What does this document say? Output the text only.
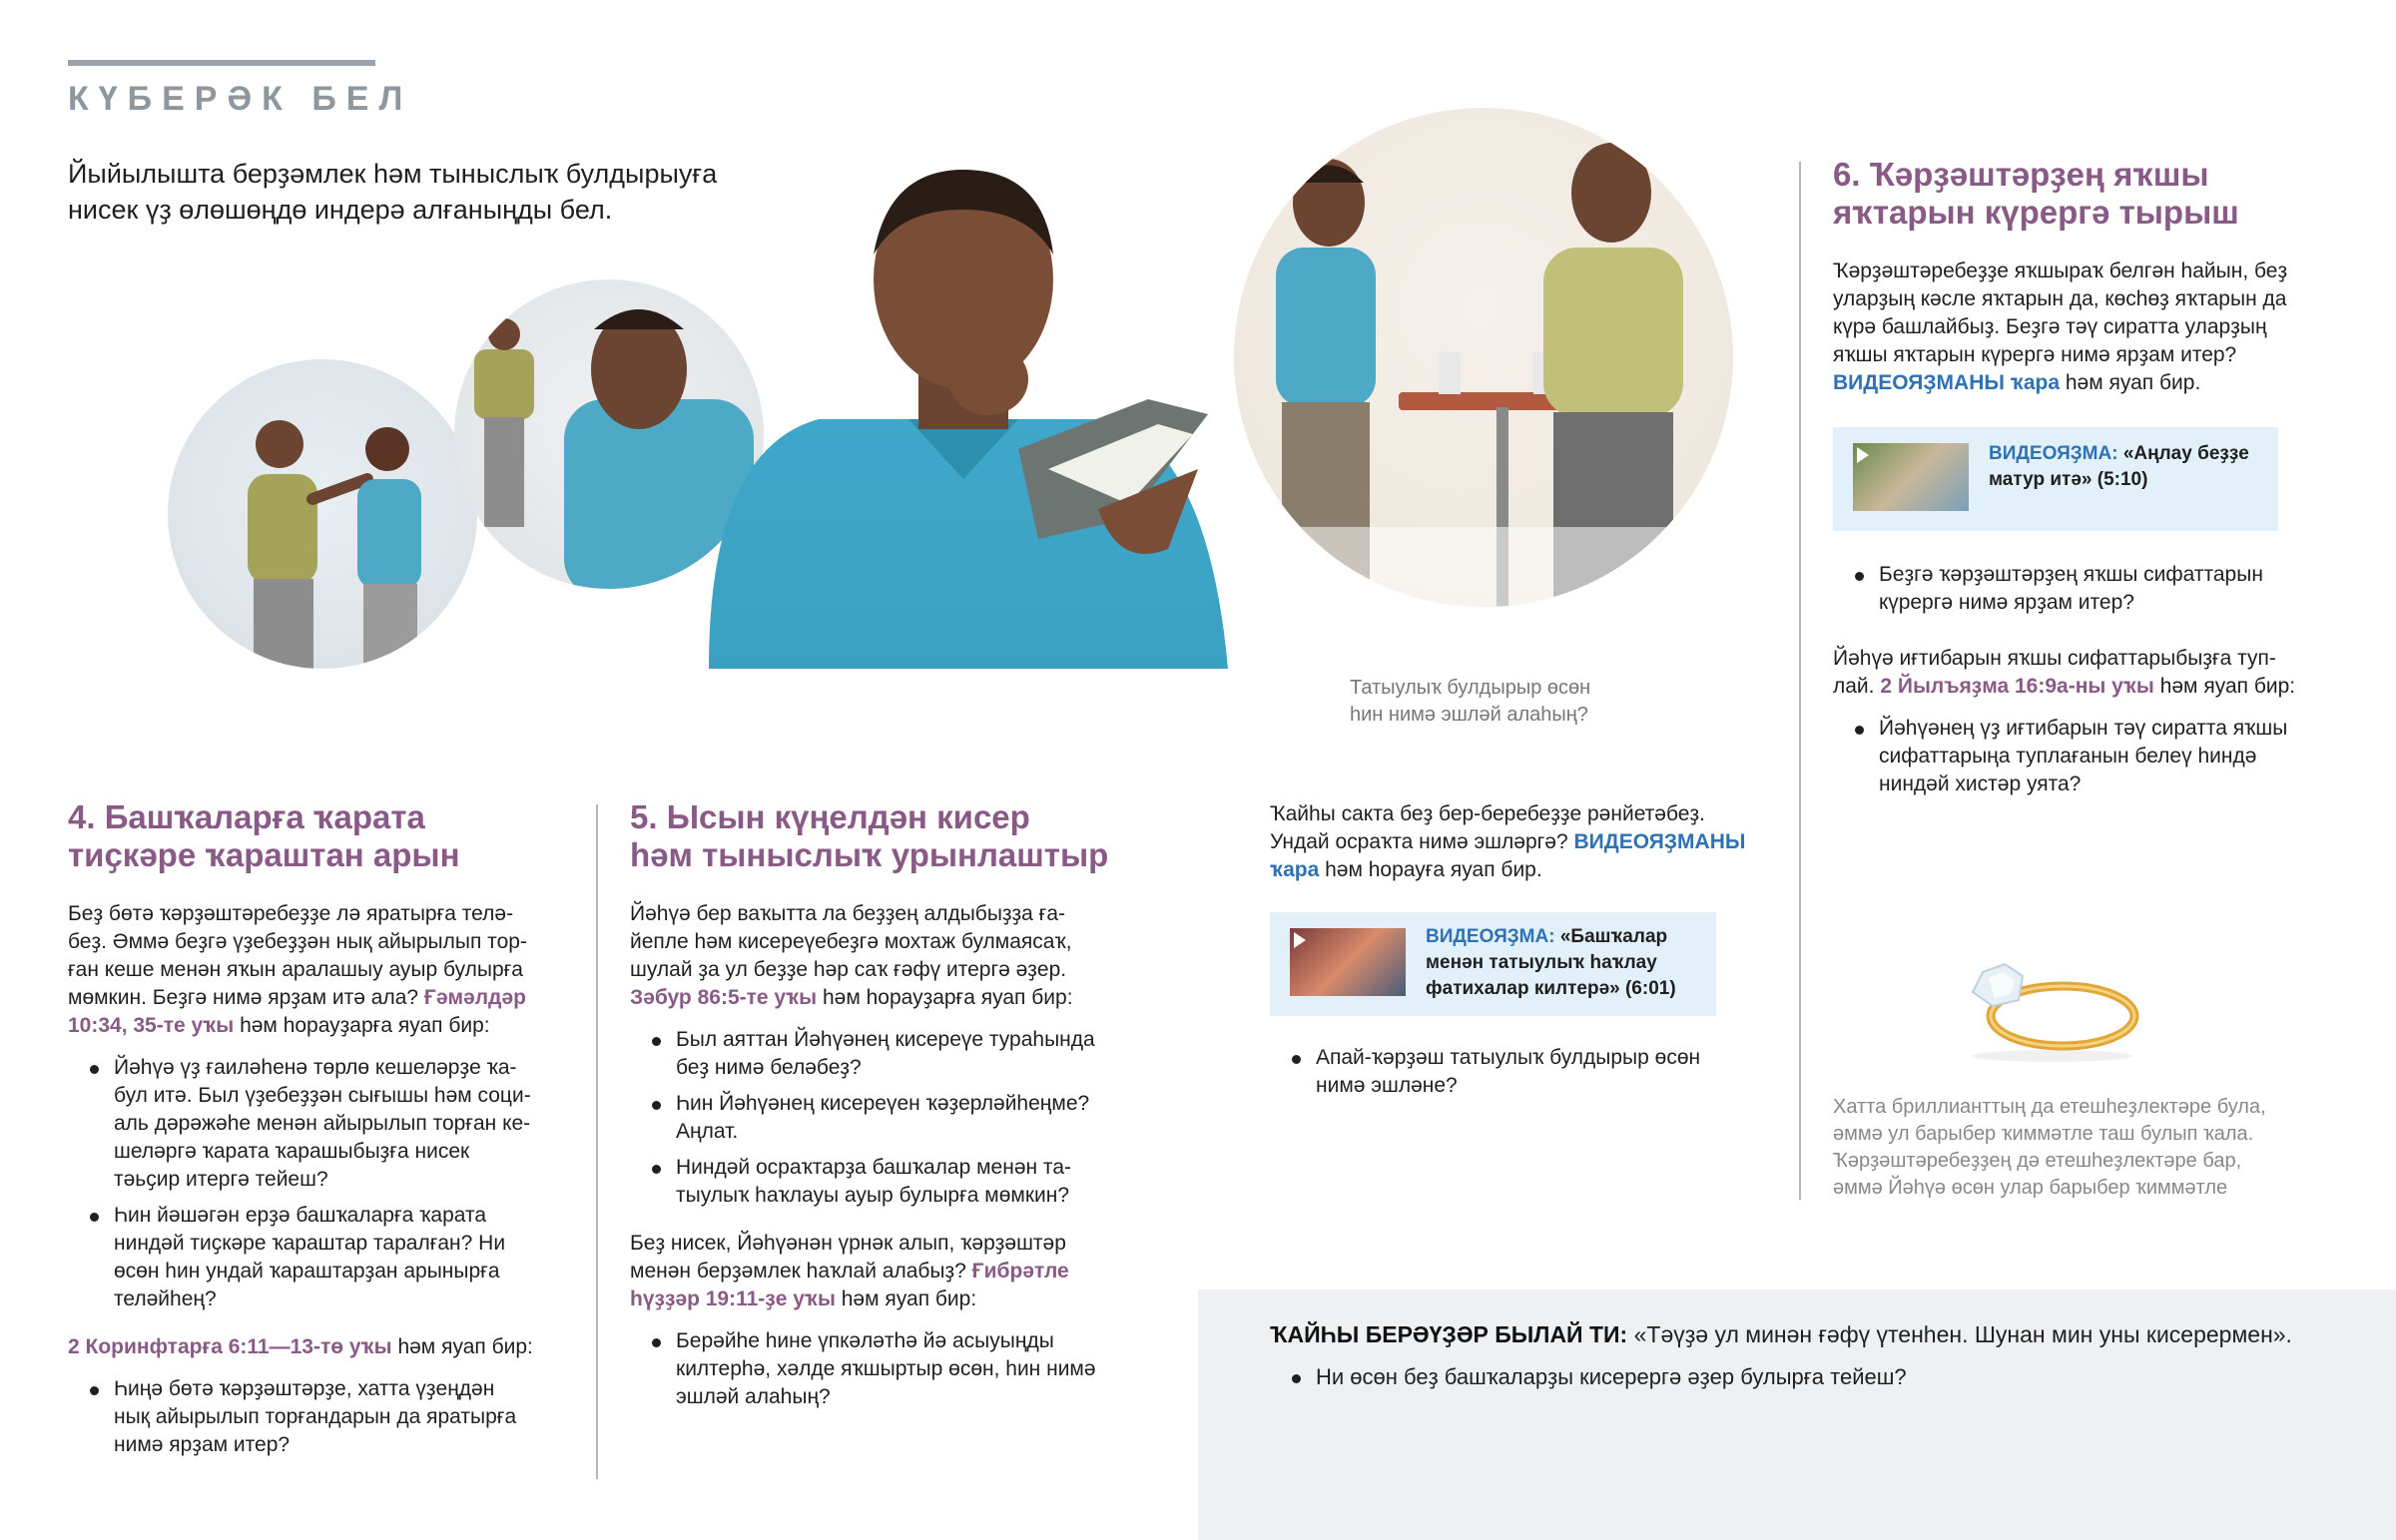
КҮБЕРӘК БЕЛ

Йыйылышта берҙәмлек һәм тыныслыҡ булдырыуға
нисек үҙ өлөшөңдө индерә алғаныңды бел.

Татыулыҡ булдырыр өсөн
һин нимә эшләй алаһың?

4. Башҡаларға ҡарата
тиҫкәре ҡараштан арын

Беҙ бөтә ҡәрҙәштәребеҙҙе лә яратырға телә-
беҙ. Әммә беҙгә үҙебеҙҙән нық айырылып тор-
ған кеше менән яҡын аралашыу ауыр булырға
мөмкин. Беҙгә нимә ярҙам итә ала? Ғәмәлдәр 10:34, 35-те уҡы һәм һорауҙарға яуап бир:

Йәһүә үҙ ғаиләһенә төрлө кешеләрҙе ҡа-
бул итә. Был үҙебеҙҙән сығышы һәм соци-
аль дәрәжәһе менән айырылып торған ке-
шеләргә ҡарата ҡарашыбыҙға нисек
тәьҫир итергә тейеш?
Һин йәшәгән ерҙә башҡаларға ҡарата
ниндәй тиҫкәре ҡараштар таралған? Ни
өсөн һин ундай ҡараштарҙан арынырға
теләйһең?

2 Коринфтарға 6:11—13-тө уҡы һәм яуап бир:

Һиңә бөтә ҡәрҙәштәрҙе, хатта үҙеңдән
нық айырылып торғандарын да яратырға
нимә ярҙам итер?
5. Ысын күңелдән кисер
һәм тыныслыҡ урынлаштыр

Йәһүә бер ваҡытта ла беҙҙең алдыбыҙҙа ға-
йепле һәм кисереүебеҙгә мохтаж булмаясаҡ,
шулай ҙа ул беҙҙе һәр саҡ ғәфү итергә әҙер.
Зәбур 86:5-те уҡы һәм һорауҙарға яуап бир:

Был аяттан Йәһүәнең кисереүе тураһында
беҙ нимә беләбеҙ?
Һин Йәһүәнең кисереүен ҡәҙерләйһеңме?
Аңлат.
Ниндәй осраҡтарҙа башҡалар менән та-
тыулыҡ һаҡлауы ауыр булырға мөмкин?

Беҙ нисек, Йәһүәнән үрнәк алып, ҡәрҙәштәр
менән берҙәмлек һаҡлай алабыҙ? Ғибрәтле
һүҙҙәр 19:11-ҙе уҡы һәм яуап бир:

Берәйһе һине үпкәләтһә йә асыуыңды
килтерһә, хәлде яҡшыртыр өсөн, һин нимә
эшләй алаһың?

Ҡайһы сакта беҙ бер-беребеҙҙе рәнйетәбеҙ.
Ундай осраҡта нимә эшләргә? ВИДЕОЯҘМАНЫ
ҡара һәм һорауға яуап бир.

ВИДЕОЯҘМА: «Башҡалар
менән татыулыҡ һаҡлау
фатихалар килтерә» (6:01)
Апай-ҡәрҙәш татыулыҡ булдырыр өсөн
нимә эшләне?

Хатта бриллианттың да етешһеҙлектәре була,
әммә ул барыбер ҡиммәтле таш булып ҡала.
Ҡәрҙәштәребеҙҙең дә етешһеҙлектәре бар,
әммә Йәһүә өсөн улар барыбер ҡиммәтле

6. Ҡәрҙәштәрҙең яҡшы
яҡтарын күрергә тырыш

Ҡәрҙәштәребеҙҙе яҡшыраҡ белгән һайын, беҙ
уларҙың кәсле яҡтарын да, көсһөҙ яҡтарын да
күрә башлайбыҙ. Беҙгә тәү сиратта уларҙың
яҡшы яҡтарын күрергә нимә ярҙам итер?
ВИДЕОЯҘМАНЫ ҡара һәм яуап бир.

ВИДЕОЯҘМА: «Аңлау беҙҙе
матур итә» (5:10)
Беҙгә ҡәрҙәштәрҙең яҡшы сифаттарын
күрергә нимә ярҙам итер?

Йәһүә иғтибарын яҡшы сифаттарыбыҙға туп-
лай. 2 Йылъяҙма 16:9а-ны уҡы һәм яуап бир:

Йәһүәнең үҙ иғтибарын тәү сиратта яҡшы
сифаттарыңа туплағанын белеү һиндә
ниндәй хистәр уята?

ҠАЙҺЫ БЕРӘҮҘӘР БЫЛАЙ ТИ: «Тәүҙә ул минән ғәфү үтенһен. Шунан мин уны кисерермен».

Ни өсөн беҙ башҡаларҙы кисерергә әҙер булырға тейеш?
